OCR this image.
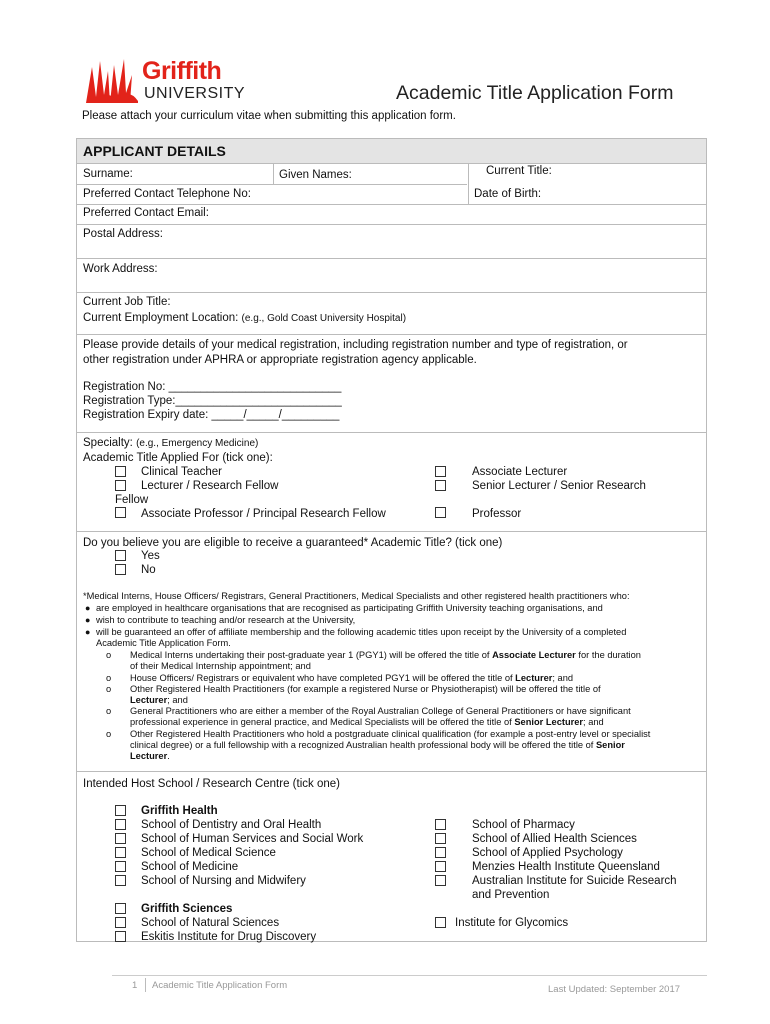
Griffith
UNIVERSITY	Academic Title Application Form
Please attach your curriculum vitae when submitting this application form.
APPLICANT DETAILS
Surname:	Given Names:	Current Title:
Preferred Contact Telephone No:	Date of Birth:
Preferred Contact Email:
Postal Address:
Work Address:
Current Job Title:
Current Employment Location: (e.g., Gold Coast University Hospital)
Please provide details of your medical registration, including registration number and type of registration, or
other registration under APHRA or appropriate registration agency applicable.
Registration No: ___________________________
Registration Type:__________________________
Registration Expiry date: _____/_____/_________
Specialty: (e.g., Emergency Medicine)
Academic Title Applied For (tick one):
Clinical Teacher
Lecturer / Research Fellow
Fellow
Associate Professor / Principal Research Fellow
Associate Lecturer
Senior Lecturer / Senior Research
Professor
Do you believe you are eligible to receive a guaranteed* Academic Title? (tick one)
Yes
No
*Medical Interns, House Officers/ Registrars, General Practitioners, Medical Specialists and other registered health practitioners who:
● are employed in healthcare organisations that are recognised as participating Griffith University teaching organisations, and
● wish to contribute to teaching and/or research at the University,
● will be guaranteed an offer of affiliate membership and the following academic titles upon receipt by the University of a completed
Academic Title Application Form.
o Medical Interns undertaking their post-graduate year 1 (PGY1) will be offered the title of Associate Lecturer for the duration
of their Medical Internship appointment; and
o House Officers/ Registrars or equivalent who have completed PGY1 will be offered the title of Lecturer; and
o Other Registered Health Practitioners (for example a registered Nurse or Physiotherapist) will be offered the title of
Lecturer; and
o General Practitioners who are either a member of the Royal Australian College of General Practitioners or have significant
professional experience in general practice, and Medical Specialists will be offered the title of Senior Lecturer; and
o Other Registered Health Practitioners who hold a postgraduate clinical qualification (for example a post-entry level or specialist
clinical degree) or a full fellowship with a recognized Australian health professional body will be offered the title of Senior
Lecturer.
Intended Host School / Research Centre (tick one)
Griffith Health
School of Dentistry and Oral Health
School of Human Services and Social Work
School of Medical Science
School of Medicine
School of Nursing and Midwifery
School of Pharmacy
School of Allied Health Sciences
School of Applied Psychology
Menzies Health Institute Queensland
Australian Institute for Suicide Research
and Prevention
Griffith Sciences
School of Natural Sciences
Eskitis Institute for Drug Discovery
Institute for Glycomics
1 Academic Title Application Form	Last Updated: September 2017
